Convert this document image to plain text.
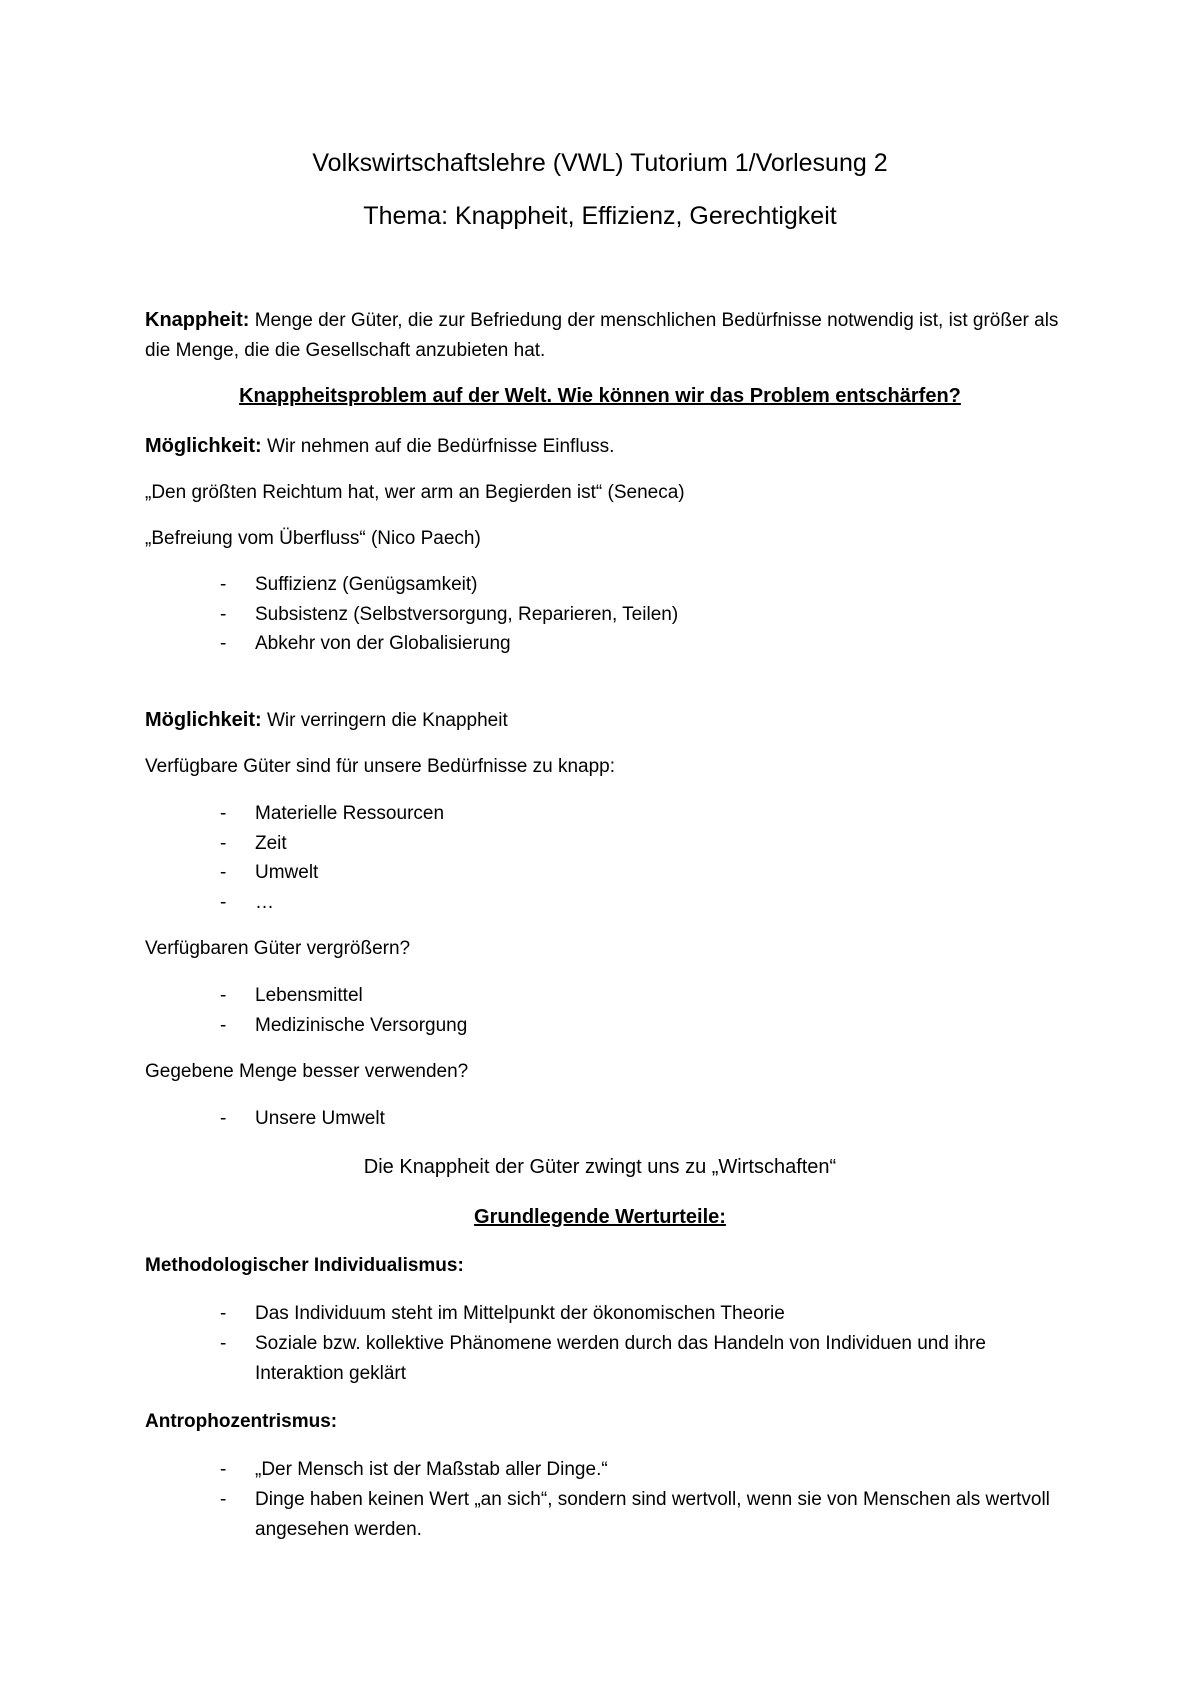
Volkswirtschaftslehre (VWL) Tutorium 1/Vorlesung 2
Thema: Knappheit, Effizienz, Gerechtigkeit
Knappheit: Menge der Güter, die zur Befriedung der menschlichen Bedürfnisse notwendig ist, ist größer als die Menge, die die Gesellschaft anzubieten hat.
Knappheitsproblem auf der Welt. Wie können wir das Problem entschärfen?
Möglichkeit: Wir nehmen auf die Bedürfnisse Einfluss.
„Den größten Reichtum hat, wer arm an Begierden ist“ (Seneca)
„Befreiung vom Überfluss“ (Nico Paech)
- Suffizienz (Genügsamkeit)
- Subsistenz (Selbstversorgung, Reparieren, Teilen)
- Abkehr von der Globalisierung
Möglichkeit: Wir verringern die Knappheit
Verfügbare Güter sind für unsere Bedürfnisse zu knapp:
- Materielle Ressourcen
- Zeit
- Umwelt
- …
Verfügbaren Güter vergrößern?
- Lebensmittel
- Medizinische Versorgung
Gegebene Menge besser verwenden?
- Unsere Umwelt
Die Knappheit der Güter zwingt uns zu „Wirtschaften“
Grundlegende Werturteile:
Methodologischer Individualismus:
- Das Individuum steht im Mittelpunkt der ökonomischen Theorie
- Soziale bzw. kollektive Phänomene werden durch das Handeln von Individuen und ihre Interaktion geklärt
Antrophozentrismus:
- „Der Mensch ist der Maßstab aller Dinge.“
- Dinge haben keinen Wert „an sich“, sondern sind wertvoll, wenn sie von Menschen als wertvoll angesehen werden.
